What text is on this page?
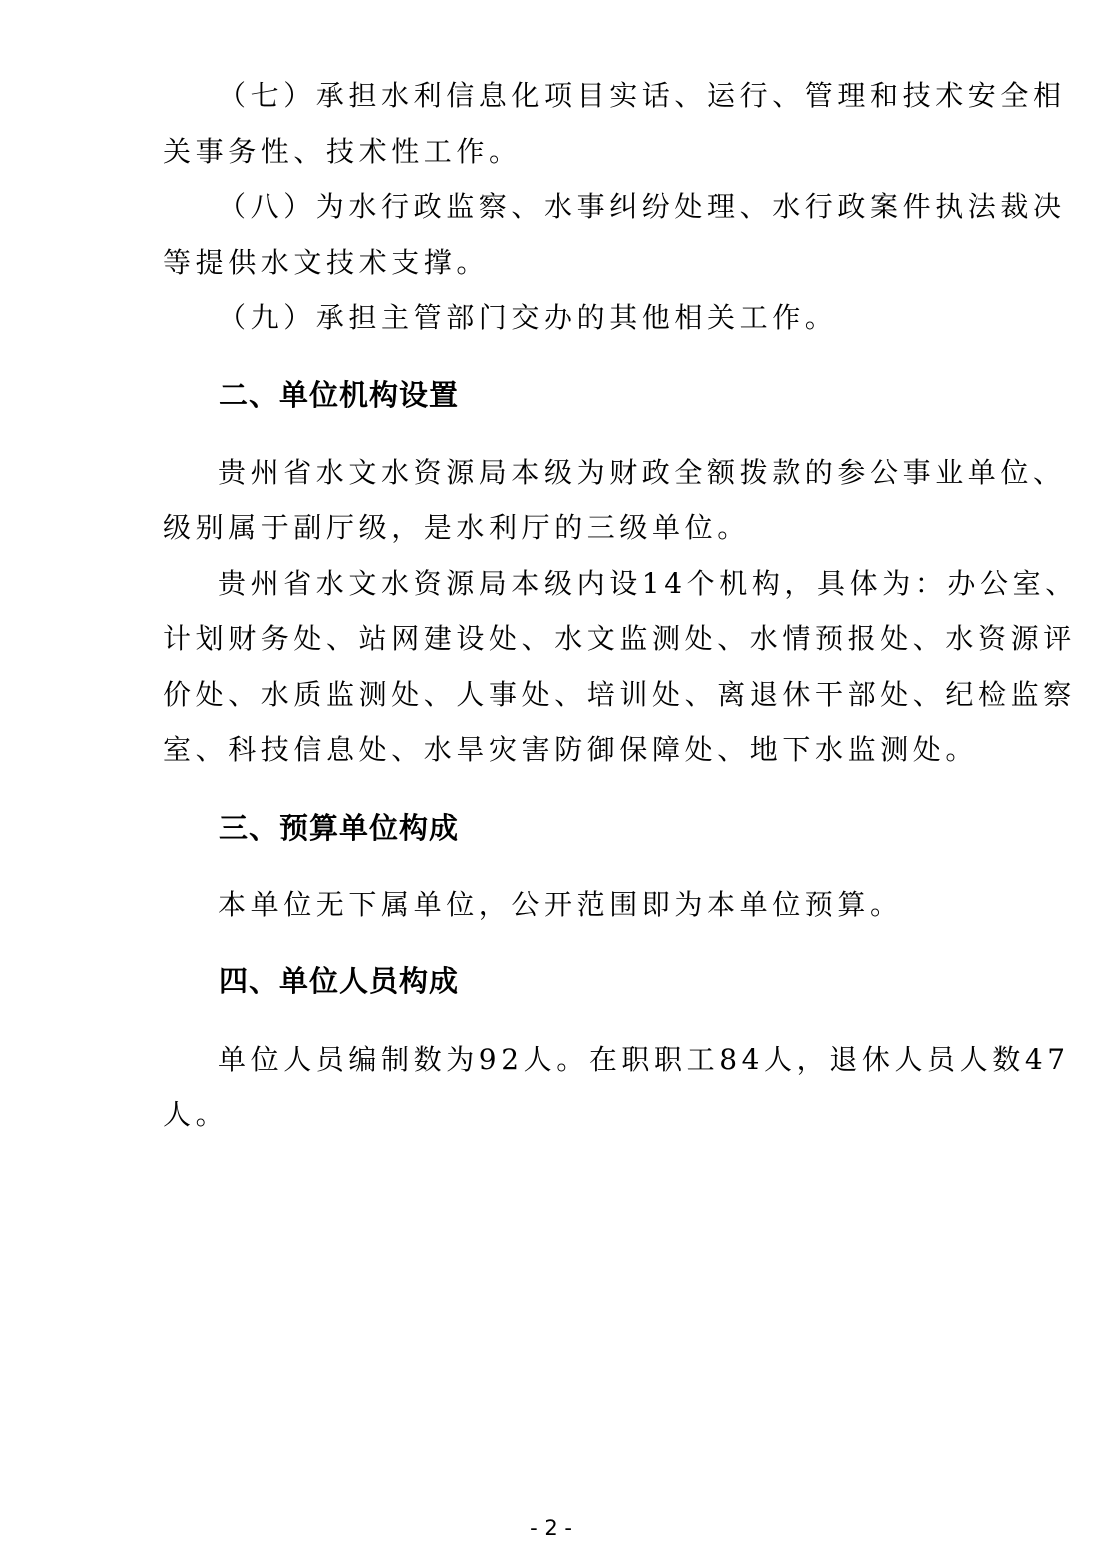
（七）承担水利信息化项目实话、运行、管理和技术安全相
关事务性、技术性工作。
（八）为水行政监察、水事纠纷处理、水行政案件执法裁决
等提供水文技术支撑。
（九）承担主管部门交办的其他相关工作。
二、单位机构设置
贵州省水文水资源局本级为财政全额拨款的参公事业单位、
级别属于副厅级，是水利厅的三级单位。
贵州省水文水资源局本级内设14个机构，具体为：办公室、
计划财务处、站网建设处、水文监测处、水情预报处、水资源评
价处、水质监测处、人事处、培训处、离退休干部处、纪检监察
室、科技信息处、水旱灾害防御保障处、地下水监测处。
三、预算单位构成
本单位无下属单位，公开范围即为本单位预算。
四、单位人员构成
单位人员编制数为92人。在职职工84人，退休人员人数47
人。
- 2 -
